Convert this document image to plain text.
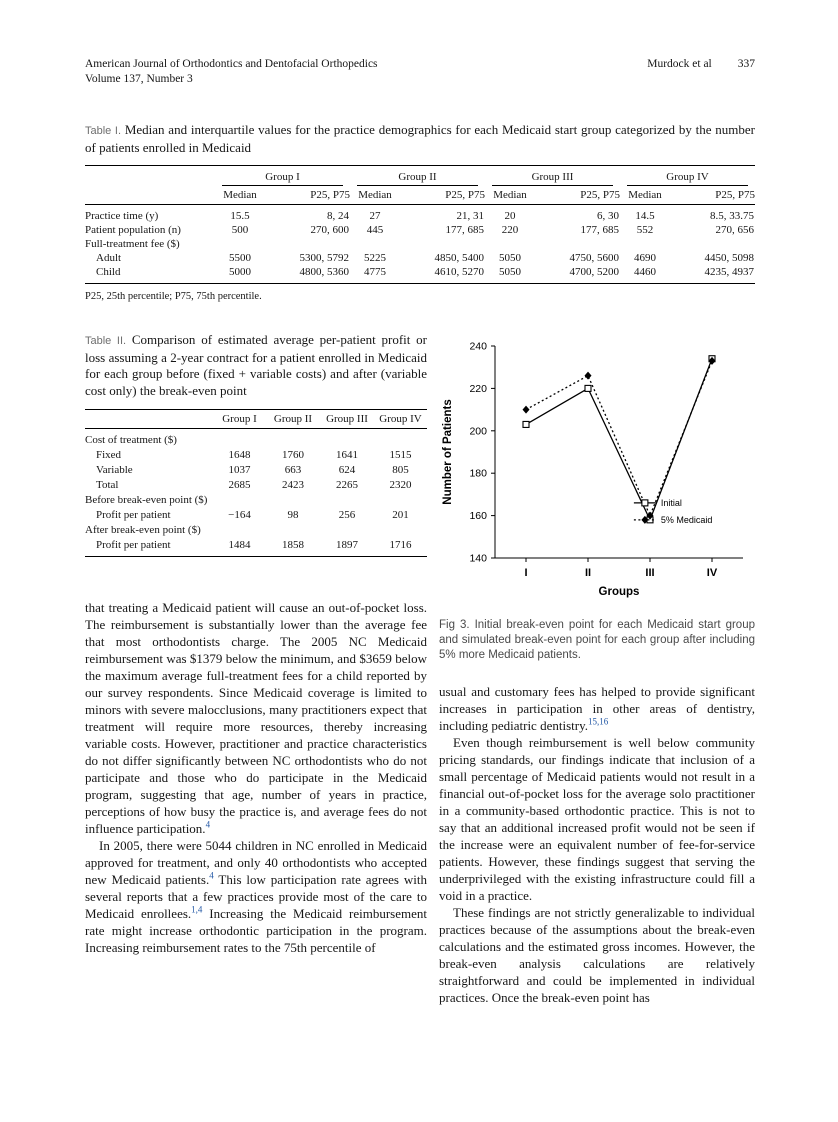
American Journal of Orthodontics and Dentofacial Orthopedics
Volume 137, Number 3
Murdock et al 337

Table I. Median and interquartile values for the practice demographics for each Medicaid start group categorized by the number of patients enrolled in Medicaid

	Group I		Group II		Group III		Group IV	

	Median	P25, P75	Median	P25, P75	Median	P25, P75	Median	P25, P75
Practice time (y)	15.5	8, 24	27	21, 31	20	6, 30	14.5	8.5, 33.75
Patient population (n)	500	270, 600	445	177, 685	220	177, 685	552	270, 656
Full-treatment fee ($)								
Adult	5500	5300, 5792	5225	4850, 5400	5050	4750, 5600	4690	4450, 5098
Child	5000	4800, 5360	4775	4610, 5270	5050	4700, 5200	4460	4235, 4937

P25, 25th percentile; P75, 75th percentile.

Table II. Comparison of estimated average per-patient profit or loss assuming a 2-year contract for a patient enrolled in Medicaid for each group before (fixed + variable costs) and after (variable cost only) the break-even point

	Group I	Group II	Group III	Group IV
Cost of treatment ($)				
Fixed	1648	1760	1641	1515
Variable	1037	663	624	805
Total	2685	2423	2265	2320
Before break-even point ($)				
Profit per patient	−164	98	256	201
After break-even point ($)				
Profit per patient	1484	1858	1897	1716

that treating a Medicaid patient will cause an out-of-pocket loss. The reimbursement is substantially lower than the average fee that most orthodontists charge. The 2005 NC Medicaid reimbursement was $1379 below the minimum, and $3659 below the maximum average full-treatment fees for a child reported by our survey respondents. Since Medicaid coverage is limited to minors with severe malocclusions, many practitioners expect that treatment will require more resources, thereby increasing variable costs. However, practitioner and practice characteristics do not differ significantly between NC orthodontists who do not participate and those who do participate in the Medicaid program, suggesting that age, number of years in practice, perceptions of how busy the practice is, and average fees do not influence participation.$^4$

In 2005, there were 5044 children in NC enrolled in Medicaid approved for treatment, and only 40 orthodontists who accepted new Medicaid patients.$^4$ This low participation rate agrees with several reports that a few practices provide most of the care to Medicaid enrollees.$^{1,4}$ Increasing the Medicaid reimbursement rate might increase orthodontic participation in the program. Increasing reimbursement rates to the 75th percentile of

140
160
180
200
220
240
I	II	III	IV
Groups
Number of Patients	Initial
5% Medicaid
Fig 3. Initial break-even point for each Medicaid start group and simulated break-even point for each group after including 5% more Medicaid patients.

usual and customary fees has helped to provide significant increases in participation in other areas of dentistry, including pediatric dentistry.$^{15,16}$

Even though reimbursement is well below community pricing standards, our findings indicate that inclusion of a small percentage of Medicaid patients would not result in a financial out-of-pocket loss for the average solo practitioner in a community-based orthodontic practice. This is not to say that an additional increased profit would not be seen if the increase were an equivalent number of fee-for-service patients. However, these findings suggest that serving the underprivileged with the existing infrastructure could fill a void in a practice.

These findings are not strictly generalizable to individual practices because of the assumptions about the break-even calculations and the estimated gross incomes. However, the break-even analysis calculations are relatively straightforward and could be implemented in individual practices. Once the break-even point has
